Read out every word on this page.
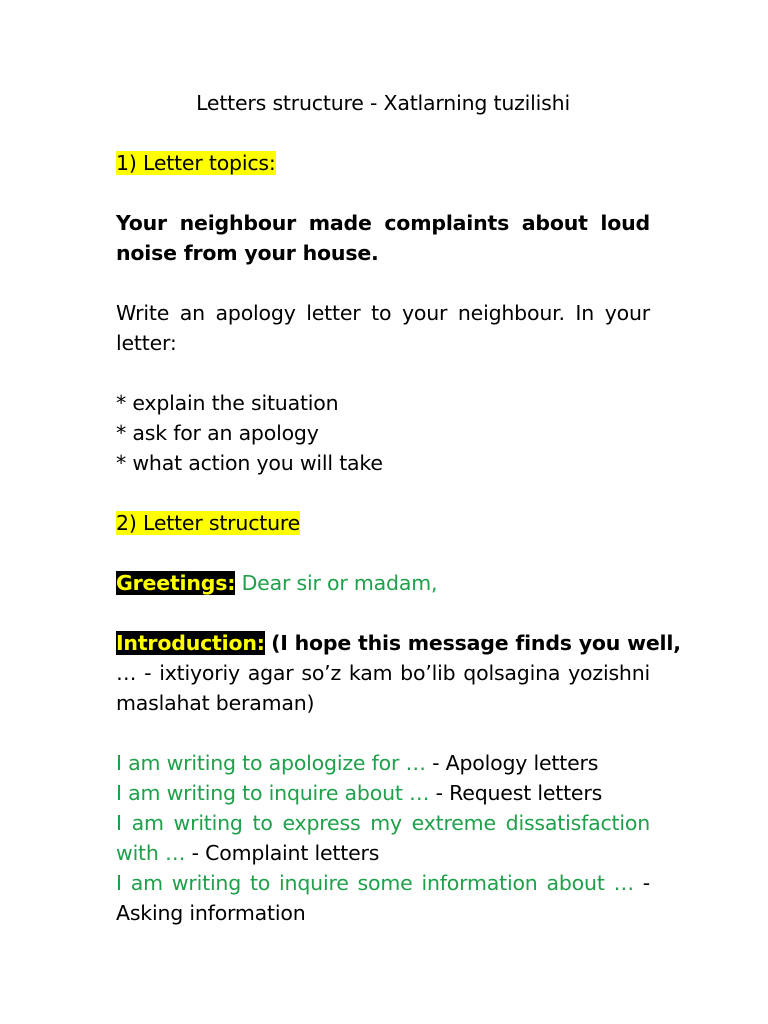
Letters structure - Xatlarning tuzilishi
1) Letter topics:
Your neighbour made complaints about loud
noise from your house.
Write an apology letter to your neighbour. In your
letter:
* explain the situation
* ask for an apology
* what action you will take
2) Letter structure
Greetings: Dear sir or madam,
Introduction: (I hope this message finds you well,
… - ixtiyoriy agar so’z kam bo’lib qolsagina yozishni
maslahat beraman)
I am writing to apologize for … - Apology letters
I am writing to inquire about … - Request letters
I am writing to express my extreme dissatisfaction
with … - Complaint letters
I am writing to inquire some information about … -
Asking information
